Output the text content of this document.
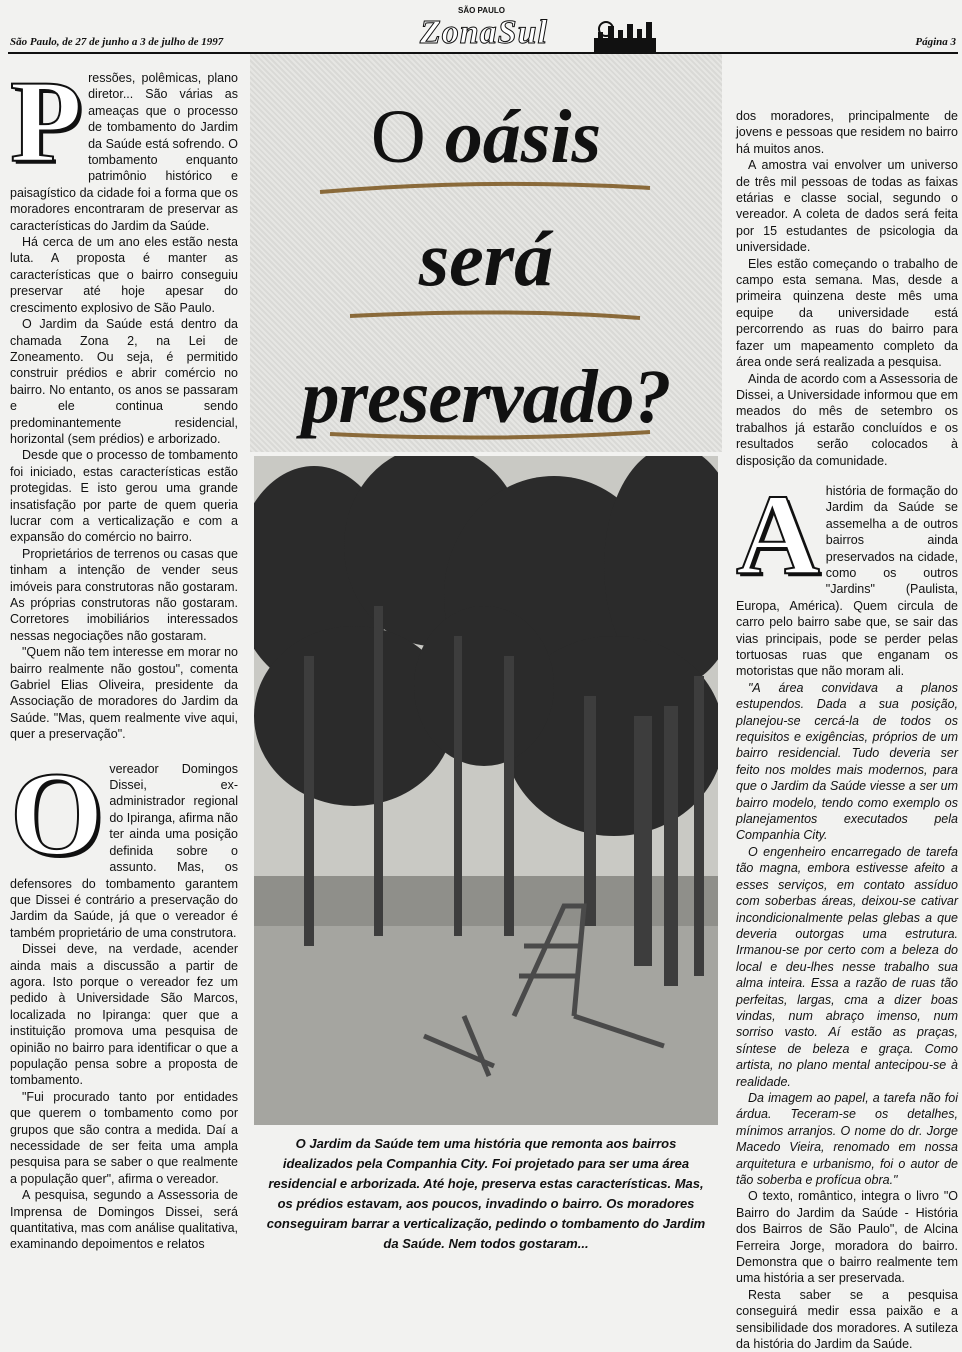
São Paulo, de 27 de junho a 3 de julho de 1997
SÃO PAULO
ZonaSul	Página 3
P ressões, polêmicas, plano diretor... São várias as ameaças que o processo de tombamento do Jardim da Saúde está sofrendo. O tombamento enquanto patrimônio histórico e paisagístico da cidade foi a forma que os moradores encontraram de preservar as características do Jardim da Saúde.

Há cerca de um ano eles estão nesta luta. A proposta é manter as características que o bairro conseguiu preservar até hoje apesar do crescimento explosivo de São Paulo.

O Jardim da Saúde está dentro da chamada Zona 2, na Lei de Zoneamento. Ou seja, é permitido construir prédios e abrir comércio no bairro. No entanto, os anos se passaram e ele continua sendo predominantemente residencial, horizontal (sem prédios) e arborizado.

Desde que o processo de tombamento foi iniciado, estas características estão protegidas. E isto gerou uma grande insatisfação por parte de quem queria lucrar com a verticalização e com a expansão do comércio no bairro.

Proprietários de terrenos ou casas que tinham a intenção de vender seus imóveis para construtoras não gostaram. As próprias construtoras não gostaram. Corretores imobiliários interessados nessas negociações não gostaram.

"Quem não tem interesse em morar no bairro realmente não gostou", comenta Gabriel Elias Oliveira, presidente da Associação de moradores do Jardim da Saúde. "Mas, quem realmente vive aqui, quer a preservação".

O vereador Domingos Dissei, ex-administrador regional do Ipiranga, afirma não ter ainda uma posição definida sobre o assunto. Mas, os defensores do tombamento garantem que Dissei é contrário a preservação do Jardim da Saúde, já que o vereador é também proprietário de uma construtora.

Dissei deve, na verdade, acender ainda mais a discussão a partir de agora. Isto porque o vereador fez um pedido à Universidade São Marcos, localizada no Ipiranga: quer que a instituição promova uma pesquisa de opinião no bairro para identificar o que a população pensa sobre a proposta de tombamento.

"Fui procurado tanto por entidades que querem o tombamento como por grupos que são contra a medida. Daí a necessidade de ser feita uma ampla pesquisa para se saber o que realmente a população quer", afirma o vereador.

A pesquisa, segundo a Assessoria de Imprensa de Domingos Dissei, será quantitativa, mas com análise qualitativa, examinando depoimentos e relatos

O oásis
será
preservado?

O Jardim da Saúde tem uma história que remonta aos bairros idealizados pela Companhia City. Foi projetado para ser uma área residencial e arborizada. Até hoje, preserva estas características. Mas, os prédios estavam, aos poucos, invadindo o bairro. Os moradores conseguiram barrar a verticalização, pedindo o tombamento do Jardim da Saúde. Nem todos gostaram...

dos moradores, principalmente de jovens e pessoas que residem no bairro há muitos anos.

A amostra vai envolver um universo de três mil pessoas de todas as faixas etárias e classe social, segundo o vereador. A coleta de dados será feita por 15 estudantes de psicologia da universidade.

Eles estão começando o trabalho de campo esta semana. Mas, desde a primeira quinzena deste mês uma equipe da universidade está percorrendo as ruas do bairro para fazer um mapeamento completo da área onde será realizada a pesquisa.

Ainda de acordo com a Assessoria de Dissei, a Universidade informou que em meados do mês de setembro os trabalhos já estarão concluídos e os resultados serão colocados à disposição da comunidade.

A história de formação do Jardim da Saúde se assemelha a de outros bairros ainda preservados na cidade, como os outros "Jardins" (Paulista, Europa, América). Quem circula de carro pelo bairro sabe que, se sair das vias principais, pode se perder pelas tortuosas ruas que enganam os motoristas que não moram ali.

"A área convidava a planos estupendos. Dada a sua posição, planejou-se cercá-la de todos os requisitos e exigências, próprios de um bairro residencial. Tudo deveria ser feito nos moldes mais modernos, para que o Jardim da Saúde viesse a ser um bairro modelo, tendo como exemplo os planejamentos executados pela Companhia City.

O engenheiro encarregado de tarefa tão magna, embora estivesse afeito a esses serviços, em contato assíduo com soberbas áreas, deixou-se cativar incondicionalmente pelas glebas a que deveria outorgas uma estrutura. Irmanou-se por certo com a beleza do local e deu-lhes nesse trabalho sua alma inteira. Essa a razão de ruas tão perfeitas, largas, cma a dizer boas vindas, num abraço imenso, num sorriso vasto. Aí estão as praças, síntese de beleza e graça. Como artista, no plano mental antecipou-se à realidade.

Da imagem ao papel, a tarefa não foi árdua. Teceram-se os detalhes, mínimos arranjos. O nome do dr. Jorge Macedo Vieira, renomado em nossa arquitetura e urbanismo, foi o autor de tão soberba e profícua obra."

O texto, romântico, integra o livro "O Bairro do Jardim da Saúde - História dos Bairros de São Paulo", de Alcina Ferreira Jorge, moradora do bairro. Demonstra que o bairro realmente tem uma história a ser preservada.

Resta saber se a pesquisa conseguirá medir essa paixão e a sensibilidade dos moradores. A sutileza da história do Jardim da Saúde.
